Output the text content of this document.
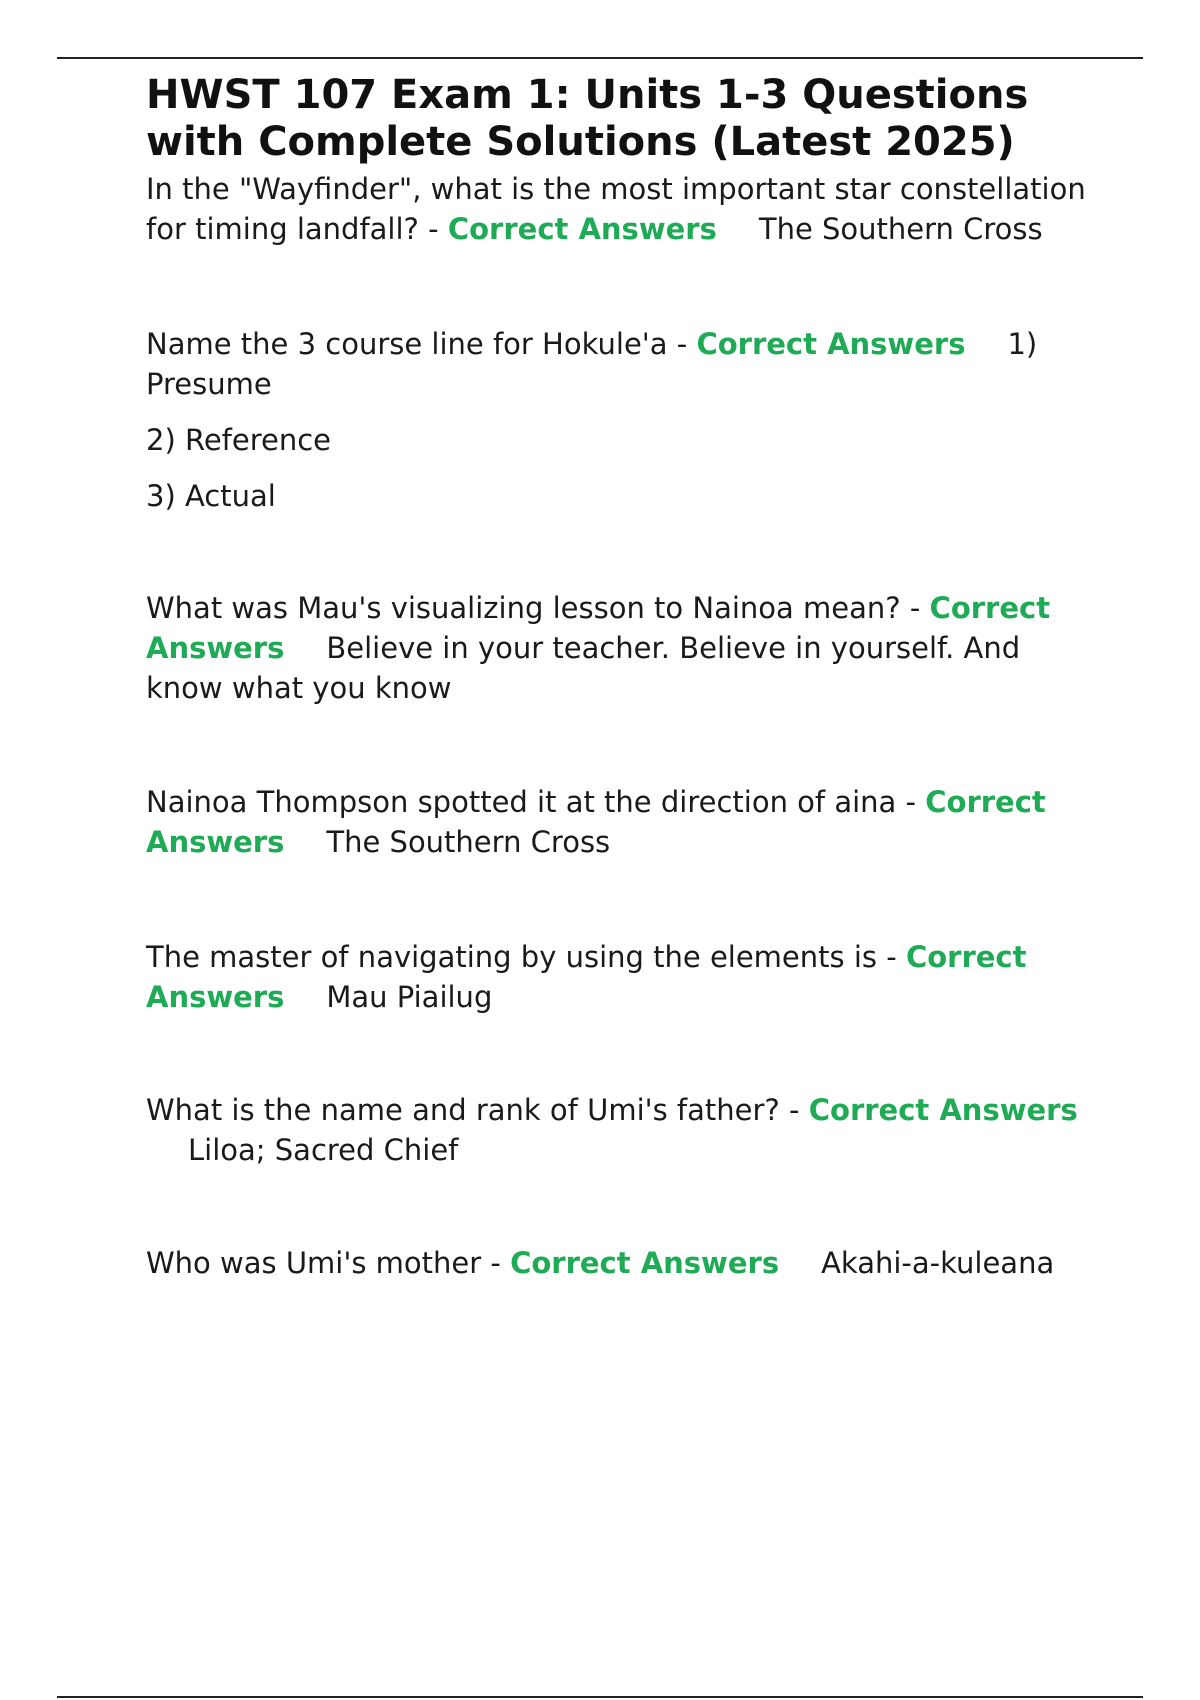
HWST 107 Exam 1: Units 1-3 Questions with Complete Solutions (Latest 2025)

In the "Wayfinder", what is the most important star constellation for timing landfall? - Correct Answers The Southern Cross

Name the 3 course line for Hokule'a - Correct Answers 1) Presume

2) Reference

3) Actual

What was Mau's visualizing lesson to Nainoa mean? - Correct Answers Believe in your teacher. Believe in yourself. And know what you know

Nainoa Thompson spotted it at the direction of aina - Correct Answers The Southern Cross

The master of navigating by using the elements is - Correct Answers Mau Piailug

What is the name and rank of Umi's father? - Correct AnswersLiloa; Sacred Chief

Who was Umi's mother - Correct Answers Akahi-a-kuleana
